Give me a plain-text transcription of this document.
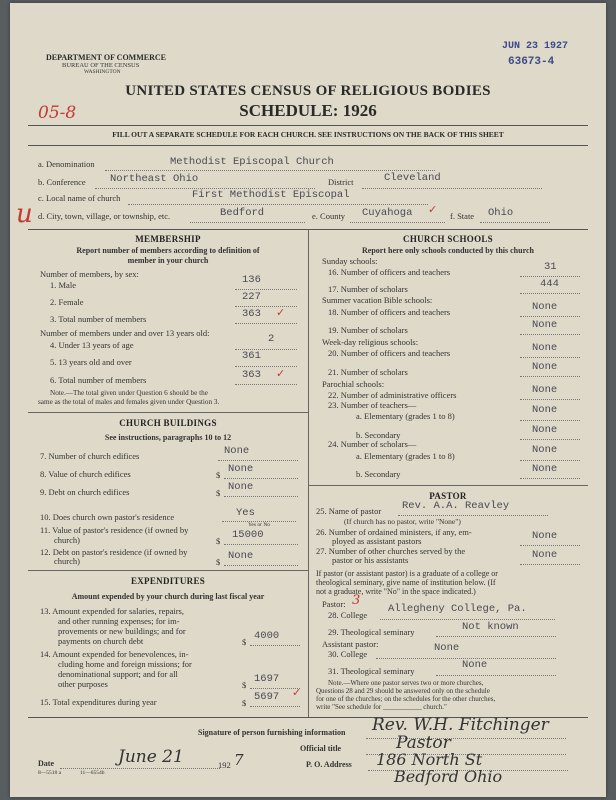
DEPARTMENT OF COMMERCE
BUREAU OF THE CENSUS
WASHINGTON
JUN 23 1927
63673-4
05-8
u
UNITED STATES CENSUS OF RELIGIOUS BODIES
SCHEDULE: 1926
FILL OUT A SEPARATE SCHEDULE FOR EACH CHURCH. SEE INSTRUCTIONS ON THE BACK OF THIS SHEET
a. Denomination	Methodist Episcopal Church
b. Conference Northeast Ohio	District	Cleveland
c. Local name of church	First Methodist Episcopal
d. City, town, village, or township, etc.	Bedford	e. County Cuyahoga ✓ f. State Ohio
MEMBERSHIP
Report number of members according to definition of
member in your church
Number of members, by sex:
1. Male	136
2. Female	227
3. Total number of members	363 ✓
Number of members under and over 13 years old:
4. Under 13 years of age	2
5. 13 years old and over	361
6. Total number of members	363 ✓
Note.—The total given under Question 6 should be the
same as the total of males and females given under Question 3.
CHURCH BUILDINGS
See instructions, paragraphs 10 to 12
7. Number of church edifices	None
8. Value of church edifices	$ None
9. Debt on church edifices	$ None
10. Does church own pastor's residence	Yes
Yes or No
11. Value of pastor's residence (if owned by
church)	$ 15000
12. Debt on pastor's residence (if owned by
church)	$ None
EXPENDITURES
Amount expended by your church during last fiscal year
13. Amount expended for salaries, repairs,
and other running expenses; for im-
provements or new buildings; and for
payments on church debt	$ 4000
14. Amount expended for benevolences, in-
cluding home and foreign missions; for
denominational support; and for all
other purposes	$ 1697
15. Total expenditures during year	$ 5697 ✓
CHURCH SCHOOLS
Report here only schools conducted by this church
Sunday schools:
16. Number of officers and teachers	31
17. Number of scholars	444
Summer vacation Bible schools:
18. Number of officers and teachers	None
19. Number of scholars	None
Week-day religious schools:
20. Number of officers and teachers	None
21. Number of scholars	None
Parochial schools:
22. Number of administrative officers	None
23. Number of teachers—
a. Elementary (grades 1 to 8)	None
b. Secondary	None
24. Number of scholars—
a. Elementary (grades 1 to 8)	None
b. Secondary	None
PASTOR
25. Name of pastor Rev. A.A. Reavley
(If church has no pastor, write "None")
26. Number of ordained ministers, if any, em-
ployed as assistant pastors	None
27. Number of other churches served by the
pastor or his assistants	None
If pastor (or assistant pastor) is a graduate of a college or
theological seminary, give name of institution below. (If
not a graduate, write "No" in the space indicated.)
Pastor: 3
28. College Allegheny College, Pa.
29. Theological seminary	Not known
Assistant pastor:
30. College	None
31. Theological seminary	None
Note.—Where one pastor serves two or more churches,
Questions 28 and 29 should be answered only on the schedule
for one of the churches; on the schedules for the other churches,
write "See schedule for ___________ church."
Signature of person furnishing information Rev. W.H. Fitchinger
Official title	Pastor
Date	June 21	192 7	P. O. Address 186 North St
Bedford Ohio
8—5518 a	11—6554b
